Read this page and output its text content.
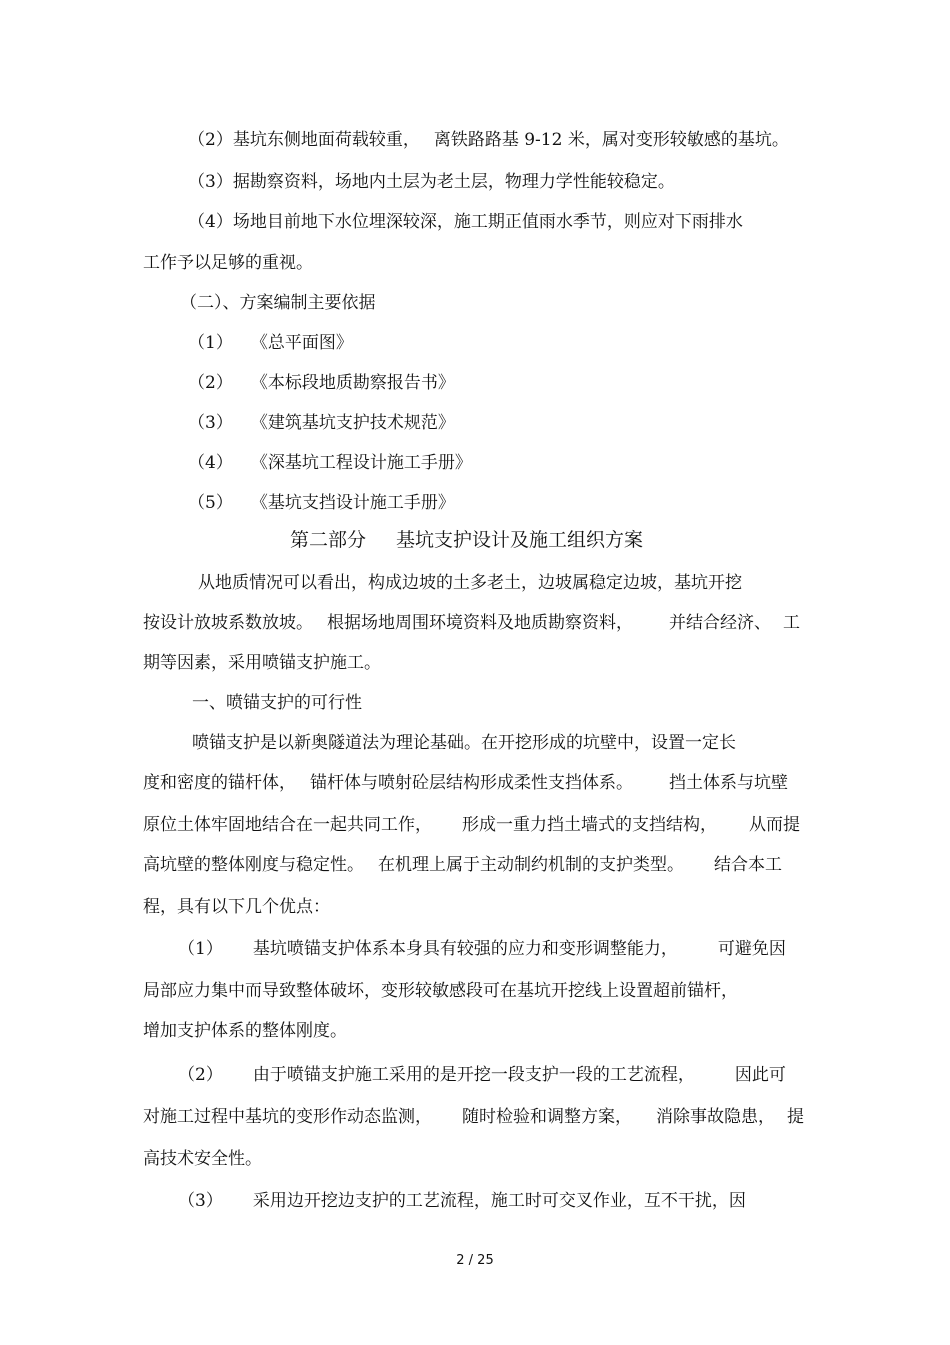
（2）基坑东侧地面荷载较重， 离铁路路基 9-12 米，属对变形较敏感的基坑。
（3）据勘察资料，场地内土层为老土层，物理力学性能较稳定。
（4）场地目前地下水位埋深较深，施工期正值雨水季节，则应对下雨排水
工作予以足够的重视。
（二）、方案编制主要依据
（1） 《总平面图》
（2） 《本标段地质勘察报告书》
（3） 《建筑基坑支护技术规范》
（4） 《深基坑工程设计施工手册》
（5） 《基坑支挡设计施工手册》
第二部分 基坑支护设计及施工组织方案
从地质情况可以看出，构成边坡的土多老土，边坡属稳定边坡，基坑开挖
按设计放坡系数放坡。 根据场地周围环境资料及地质勘察资料， 并结合经济、 工
期等因素，采用喷锚支护施工。
一、喷锚支护的可行性
喷锚支护是以新奥隧道法为理论基础。在开挖形成的坑壁中，设置一定长
度和密度的锚杆体， 锚杆体与喷射砼层结构形成柔性支挡体系。 挡土体系与坑壁
原位土体牢固地结合在一起共同工作， 形成一重力挡土墙式的支挡结构， 从而提
高坑壁的整体刚度与稳定性。 在机理上属于主动制约机制的支护类型。 结合本工
程，具有以下几个优点：
（1） 基坑喷锚支护体系本身具有较强的应力和变形调整能力， 可避免因
局部应力集中而导致整体破坏，变形较敏感段可在基坑开挖线上设置超前锚杆，
增加支护体系的整体刚度。
（2） 由于喷锚支护施工采用的是开挖一段支护一段的工艺流程， 因此可
对施工过程中基坑的变形作动态监测， 随时检验和调整方案， 消除事故隐患， 提
高技术安全性。
（3） 采用边开挖边支护的工艺流程，施工时可交叉作业，互不干扰，因
2 / 25
